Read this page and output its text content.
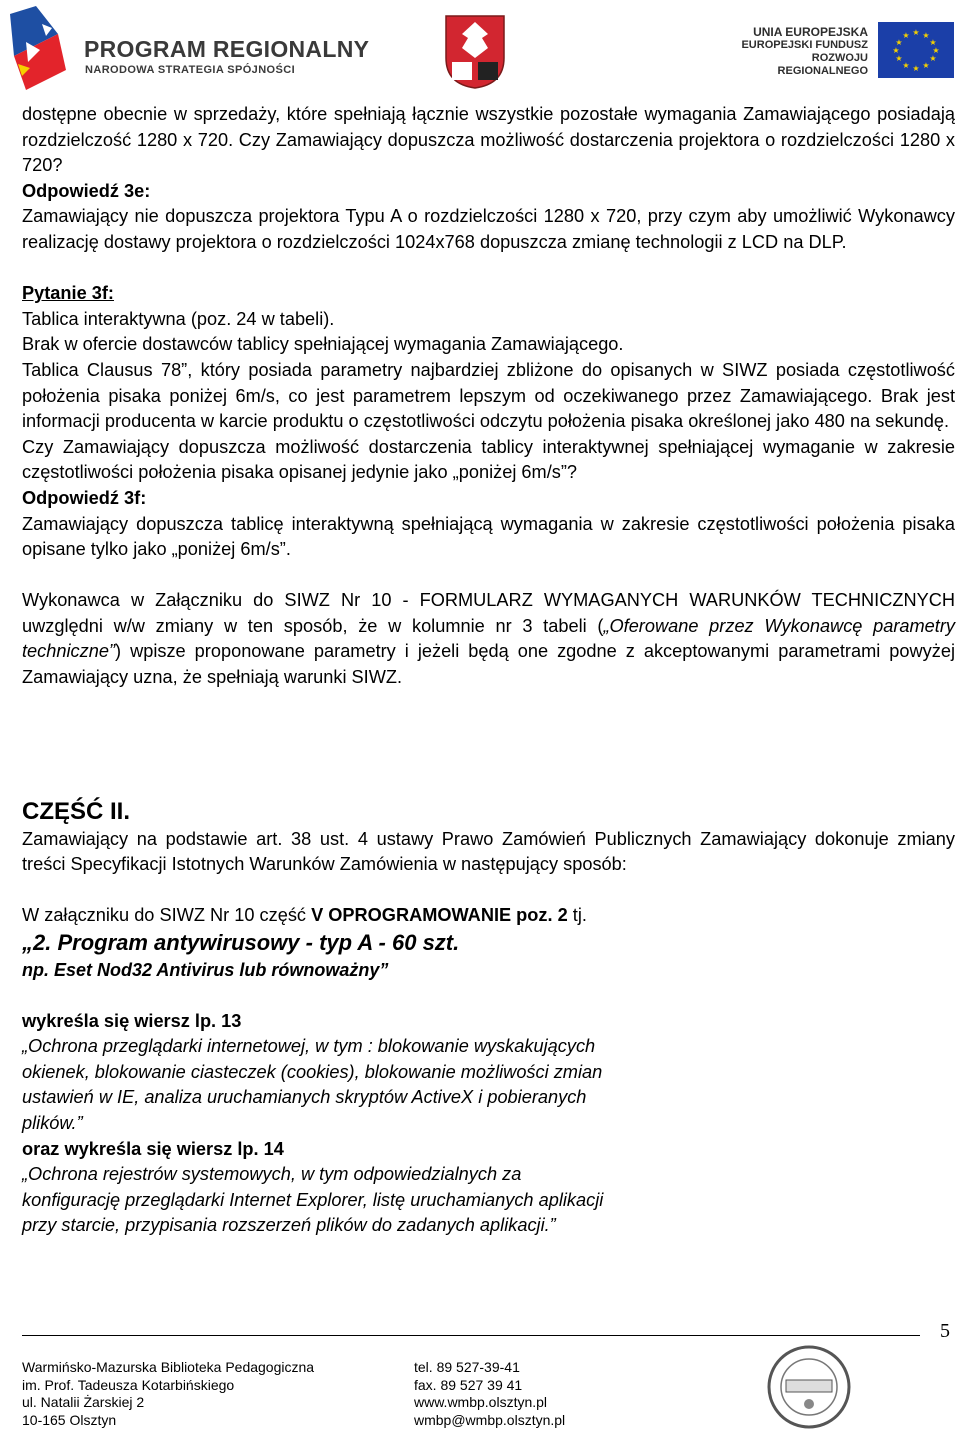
PROGRAM REGIONALNY
NARODOWA STRATEGIA SPÓJNOŚCI
UNIA EUROPEJSKA
EUROPEJSKI FUNDUSZ
ROZWOJU REGIONALNEGO
★ ★
★
★
★
★
★
★
★
★
★
★

dostępne obecnie w sprzedaży, które spełniają łącznie wszystkie pozostałe wymagania Zamawiającego posiadają rozdzielczość 1280 x 720. Czy Zamawiający dopuszcza możliwość dostarczenia projektora o rozdzielczości 1280 x 720?

Odpowiedź 3e:

Zamawiający nie dopuszcza projektora Typu A o rozdzielczości 1280 x 720, przy czym aby umożliwić Wykonawcy realizację dostawy projektora o rozdzielczości 1024x768 dopuszcza zmianę technologii z LCD na DLP.

Pytanie 3f:

Tablica interaktywna (poz. 24 w tabeli).

Brak w ofercie dostawców tablicy spełniającej wymagania Zamawiającego.

Tablica Clausus 78”, który posiada parametry najbardziej zbliżone do opisanych w SIWZ posiada częstotliwość położenia pisaka poniżej 6m/s, co jest parametrem lepszym od oczekiwanego przez Zamawiającego. Brak jest informacji producenta w karcie produktu o częstotliwości odczytu położenia pisaka określonej jako 480 na sekundę.

Czy Zamawiający dopuszcza możliwość dostarczenia tablicy interaktywnej spełniającej wymaganie w zakresie częstotliwości położenia pisaka opisanej jedynie jako „poniżej 6m/s”?

Odpowiedź 3f:

Zamawiający dopuszcza tablicę interaktywną spełniającą wymagania w zakresie częstotliwości położenia pisaka opisane tylko jako „poniżej 6m/s”.

Wykonawca w Załączniku do SIWZ Nr 10 - FORMULARZ WYMAGANYCH WARUNKÓW TECHNICZNYCH uwzględni w/w zmiany w ten sposób, że w kolumnie nr 3 tabeli („Oferowane przez Wykonawcę parametry techniczne”) wpisze proponowane parametry i jeżeli będą one zgodne z akceptowanymi parametrami powyżej Zamawiający uzna, że spełniają warunki SIWZ.

CZĘŚĆ II.

Zamawiający na podstawie art. 38 ust. 4 ustawy Prawo Zamówień Publicznych Zamawiający dokonuje zmiany treści Specyfikacji Istotnych Warunków Zamówienia w następujący sposób:

W załączniku do SIWZ Nr 10 część V OPROGRAMOWANIE poz. 2 tj.

„2. Program antywirusowy - typ A - 60 szt.

np. Eset Nod32 Antivirus lub równoważny”

wykreśla się wiersz lp. 13

„Ochrona przeglądarki internetowej, w tym : blokowanie wyskakujących

okienek, blokowanie ciasteczek (cookies), blokowanie możliwości zmian

ustawień w IE, analiza uruchamianych skryptów ActiveX i pobieranych

plików.”

oraz wykreśla się wiersz lp. 14

„Ochrona rejestrów systemowych, w tym odpowiedzialnych za

konfigurację przeglądarki Internet Explorer, listę uruchamianych aplikacji

przy starcie, przypisania rozszerzeń plików do zadanych aplikacji.”

5
Warmińsko-Mazurska Biblioteka Pedagogiczna
im. Prof. Tadeusza Kotarbińskiego
ul. Natalii Żarskiej 2
10-165 Olsztyn
tel. 89 527-39-41
fax. 89 527 39 41
www.wmbp.olsztyn.pl
wmbp@wmbp.olsztyn.pl
